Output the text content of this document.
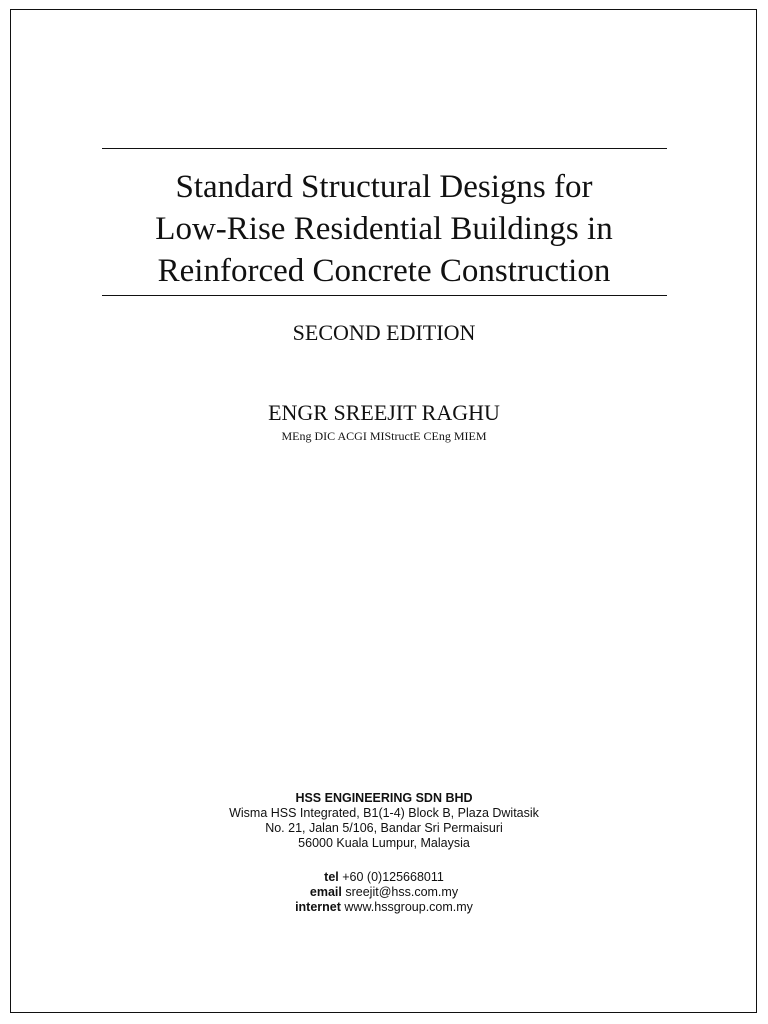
Standard Structural Designs for
Low-Rise Residential Buildings in
Reinforced Concrete Construction
SECOND EDITION
ENGR SREEJIT RAGHU
MEng DIC ACGI MIStructE CEng MIEM
HSS ENGINEERING SDN BHD
Wisma HSS Integrated, B1(1-4) Block B, Plaza Dwitasik
No. 21, Jalan 5/106, Bandar Sri Permaisuri
56000 Kuala Lumpur, Malaysia
tel +60 (0)125668011
email sreejit@hss.com.my
internet www.hssgroup.com.my
